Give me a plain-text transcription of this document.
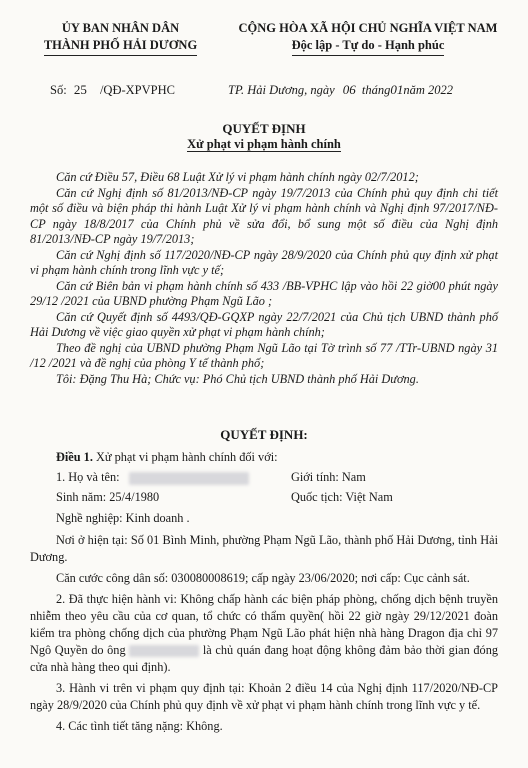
ỦY BAN NHÂN DÂN
THÀNH PHỐ HẢI DƯƠNG
CỘNG HÒA XÃ HỘI CHỦ NGHĨA VIỆT NAM
Độc lập - Tự do - Hạnh phúc
Số: 25 /QĐ-XPVPHC	TP. Hải Dương, ngày 06 tháng01năm 2022
QUYẾT ĐỊNH
Xử phạt vi phạm hành chính

Căn cứ Điều 57, Điều 68 Luật Xử lý vi phạm hành chính ngày 02/7/2012;

Căn cứ Nghị định số 81/2013/NĐ-CP ngày 19/7/2013 của Chính phủ quy định chi tiết một số điều và biện pháp thi hành Luật Xử lý vi phạm hành chính và Nghị định 97/2017/NĐ-CP ngày 18/8/2017 của Chính phủ về sửa đổi, bổ sung một số điều của Nghị định 81/2013/NĐ-CP ngày 19/7/2013;

Căn cứ Nghị định số 117/2020/NĐ-CP ngày 28/9/2020 của Chính phủ quy định xử phạt vi phạm hành chính trong lĩnh vực y tế;

Căn cứ Biên bản vi phạm hành chính số 433 /BB-VPHC lập vào hồi 22 giờ00 phút ngày 29/12 /2021 của UBND phường Phạm Ngũ Lão ;

Căn cứ Quyết định số 4493/QĐ-GQXP ngày 22/7/2021 của Chủ tịch UBND thành phố Hải Dương về việc giao quyền xử phạt vi phạm hành chính;

Theo đề nghị của UBND phường Phạm Ngũ Lão tại Tờ trình số 77 /TTr-UBND ngày 31 /12 /2021 và đề nghị của phòng Y tế thành phố;

Tôi: Đặng Thu Hà; Chức vụ: Phó Chủ tịch UBND thành phố Hải Dương.

QUYẾT ĐỊNH:
Điều 1. Xử phạt vi phạm hành chính đối với:
1. Họ và tên:	Giới tính: Nam
Sinh năm: 25/4/1980	Quốc tịch: Việt Nam
Nghề nghiệp: Kinh doanh .

Nơi ở hiện tại: Số 01 Bình Minh, phường Phạm Ngũ Lão, thành phố Hải Dương, tỉnh Hải Dương.

Căn cước công dân số: 030080008619; cấp ngày 23/06/2020; nơi cấp: Cục cảnh sát.

2. Đã thực hiện hành vi: Không chấp hành các biện pháp phòng, chống dịch bệnh truyền nhiễm theo yêu cầu của cơ quan, tổ chức có thẩm quyền( hồi 22 giờ ngày 29/12/2021 đoàn kiểm tra phòng chống dịch của phường Phạm Ngũ Lão phát hiện nhà hàng Dragon địa chỉ 97 Ngô Quyền do ông	là chủ quán đang hoạt động không đảm bảo thời gian đóng cửa nhà hàng theo qui định).

3. Hành vi trên vi phạm quy định tại: Khoản 2 điều 14 của Nghị định 117/2020/NĐ-CP ngày 28/9/2020 của Chính phủ quy định về xử phạt vi phạm hành chính trong lĩnh vực y tế.

4. Các tình tiết tăng nặng: Không.
